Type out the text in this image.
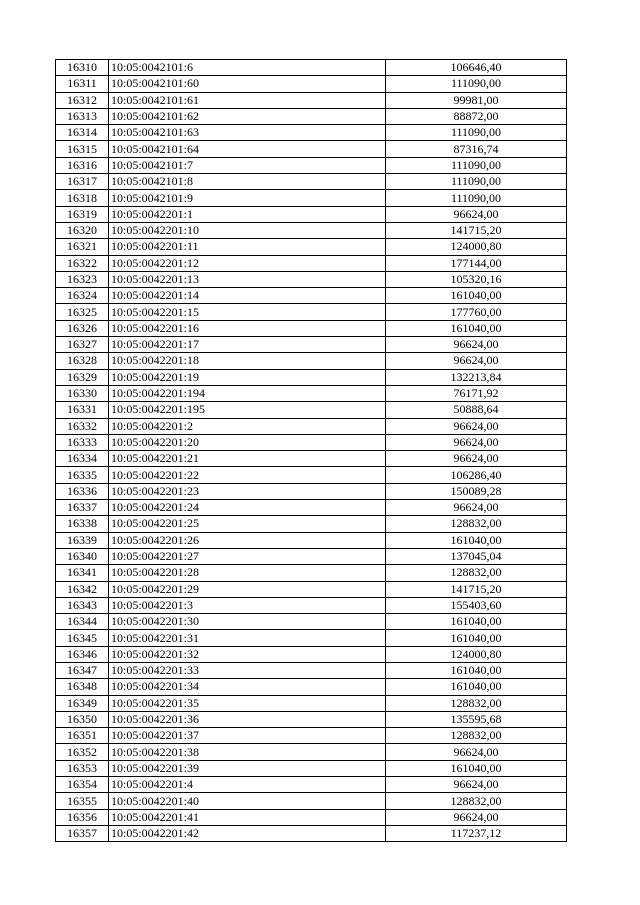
16310	10:05:0042101:6	106646,40
16311	10:05:0042101:60	111090,00
16312	10:05:0042101:61	99981,00
16313	10:05:0042101:62	88872,00
16314	10:05:0042101:63	111090,00
16315	10:05:0042101:64	87316,74
16316	10:05:0042101:7	111090,00
16317	10:05:0042101:8	111090,00
16318	10:05:0042101:9	111090,00
16319	10:05:0042201:1	96624,00
16320	10:05:0042201:10	141715,20
16321	10:05:0042201:11	124000,80
16322	10:05:0042201:12	177144,00
16323	10:05:0042201:13	105320,16
16324	10:05:0042201:14	161040,00
16325	10:05:0042201:15	177760,00
16326	10:05:0042201:16	161040,00
16327	10:05:0042201:17	96624,00
16328	10:05:0042201:18	96624,00
16329	10:05:0042201:19	132213,84
16330	10:05:0042201:194	76171,92
16331	10:05:0042201:195	50888,64
16332	10:05:0042201:2	96624,00
16333	10:05:0042201:20	96624,00
16334	10:05:0042201:21	96624,00
16335	10:05:0042201:22	106286,40
16336	10:05:0042201:23	150089,28
16337	10:05:0042201:24	96624,00
16338	10:05:0042201:25	128832,00
16339	10:05:0042201:26	161040,00
16340	10:05:0042201:27	137045,04
16341	10:05:0042201:28	128832,00
16342	10:05:0042201:29	141715,20
16343	10:05:0042201:3	155403,60
16344	10:05:0042201:30	161040,00
16345	10:05:0042201:31	161040,00
16346	10:05:0042201:32	124000,80
16347	10:05:0042201:33	161040,00
16348	10:05:0042201:34	161040,00
16349	10:05:0042201:35	128832,00
16350	10:05:0042201:36	135595,68
16351	10:05:0042201:37	128832,00
16352	10:05:0042201:38	96624,00
16353	10:05:0042201:39	161040,00
16354	10:05:0042201:4	96624,00
16355	10:05:0042201:40	128832,00
16356	10:05:0042201:41	96624,00
16357	10:05:0042201:42	117237,12
